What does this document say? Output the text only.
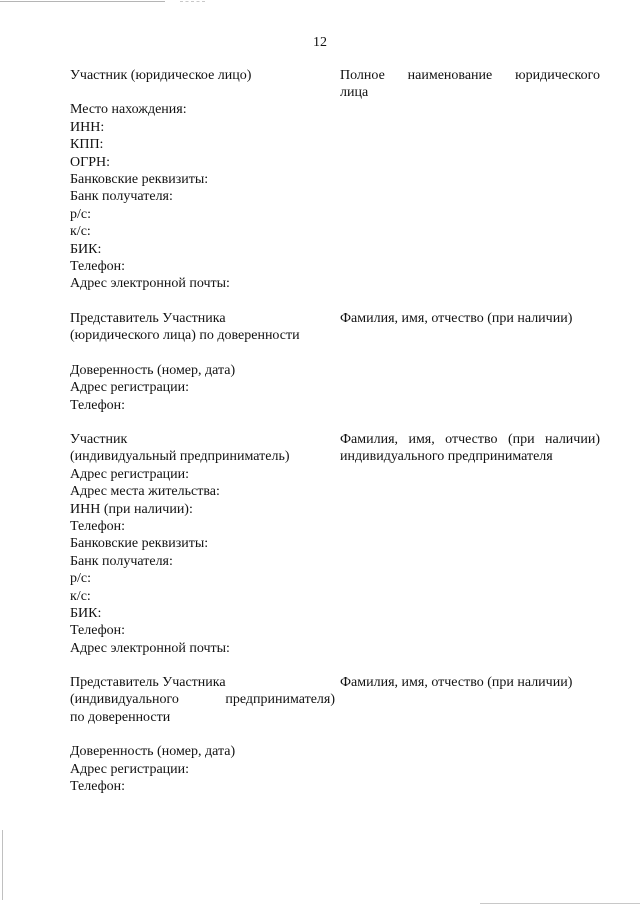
12
Участник (юридическое лицо)
Место нахождения:
ИНН:
КПП:
ОГРН:
Банковские реквизиты:
Банк получателя:
р/с:
к/с:
БИК:
Телефон:
Адрес электронной почты:
Полное наименование юридического
лица
Представитель Участника
(юридического лица) по доверенности
Доверенность (номер, дата)
Адрес регистрации:
Телефон:
Фамилия, имя, отчество (при наличии)
Участник
(индивидуальный предприниматель)
Адрес регистрации:
Адрес места жительства:
ИНН (при наличии):
Телефон:
Банковские реквизиты:
Банк получателя:
р/с:
к/с:
БИК:
Телефон:
Адрес электронной почты:
Фамилия, имя, отчество (при наличии)
индивидуального предпринимателя
Представитель Участника
(индивидуального предпринимателя)
по доверенности
Доверенность (номер, дата)
Адрес регистрации:
Телефон:
Фамилия, имя, отчество (при наличии)
